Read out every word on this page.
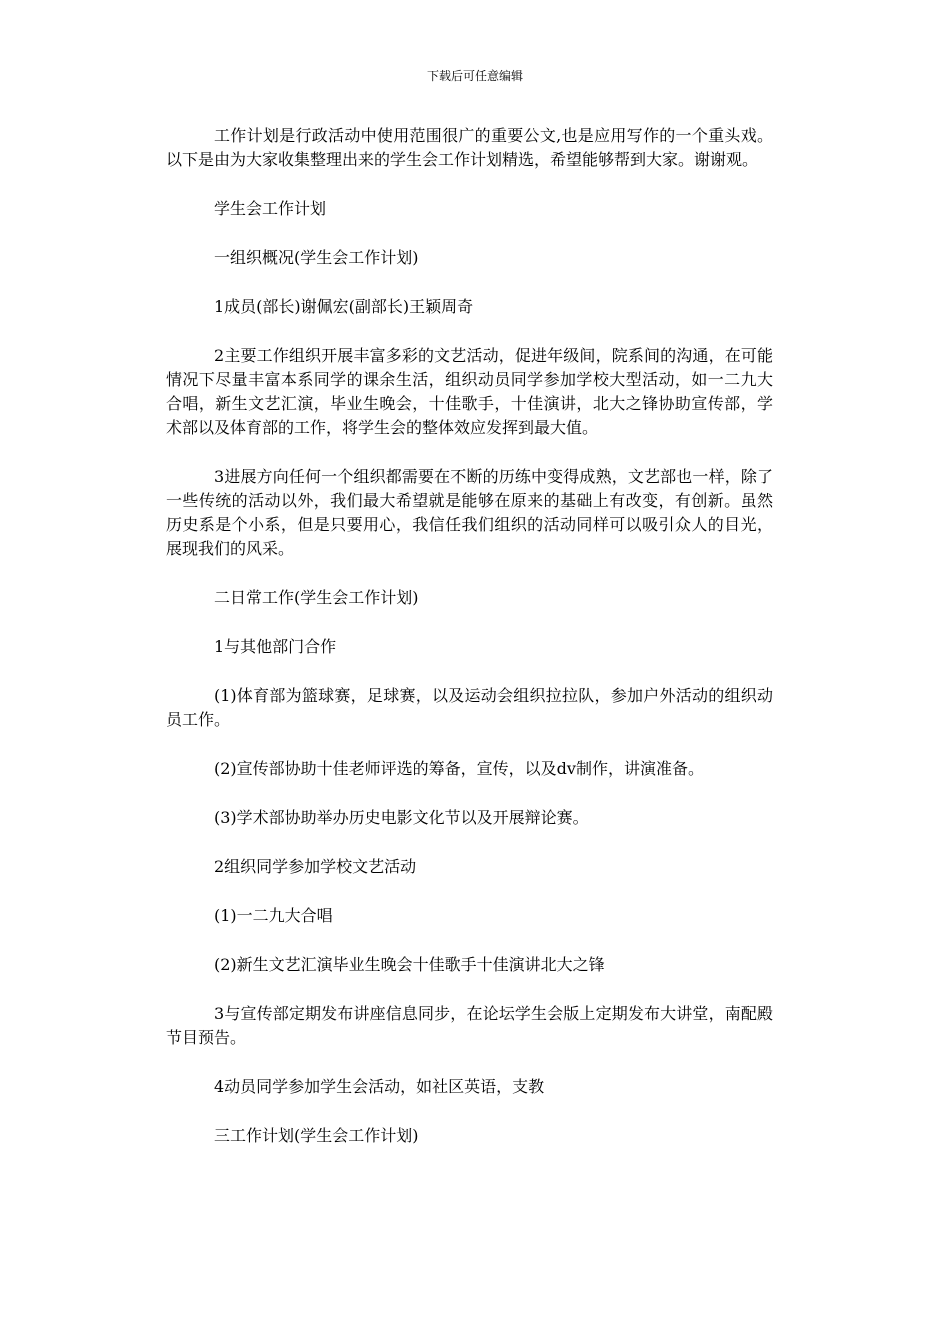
下载后可任意编辑

工作计划是行政活动中使用范围很广的重要公文,也是应用写作的一个重头戏。以下是由为大家收集整理出来的学生会工作计划精选，希望能够帮到大家。谢谢观。

学生会工作计划

一组织概况(学生会工作计划)

1成员(部长)谢佩宏(副部长)王颖周奇

2主要工作组织开展丰富多彩的文艺活动，促进年级间，院系间的沟通，在可能情况下尽量丰富本系同学的课余生活，组织动员同学参加学校大型活动，如一二九大合唱，新生文艺汇演，毕业生晚会，十佳歌手，十佳演讲，北大之锋协助宣传部，学术部以及体育部的工作，将学生会的整体效应发挥到最大值。

3进展方向任何一个组织都需要在不断的历练中变得成熟，文艺部也一样，除了一些传统的活动以外，我们最大希望就是能够在原来的基础上有改变，有创新。虽然历史系是个小系，但是只要用心，我信任我们组织的活动同样可以吸引众人的目光，展现我们的风采。

二日常工作(学生会工作计划)

1与其他部门合作

(1)体育部为篮球赛，足球赛，以及运动会组织拉拉队，参加户外活动的组织动员工作。

(2)宣传部协助十佳老师评选的筹备，宣传，以及dv制作，讲演准备。

(3)学术部协助举办历史电影文化节以及开展辩论赛。

2组织同学参加学校文艺活动

(1)一二九大合唱

(2)新生文艺汇演毕业生晚会十佳歌手十佳演讲北大之锋

3与宣传部定期发布讲座信息同步，在论坛学生会版上定期发布大讲堂，南配殿节目预告。

4动员同学参加学生会活动，如社区英语，支教

三工作计划(学生会工作计划)
